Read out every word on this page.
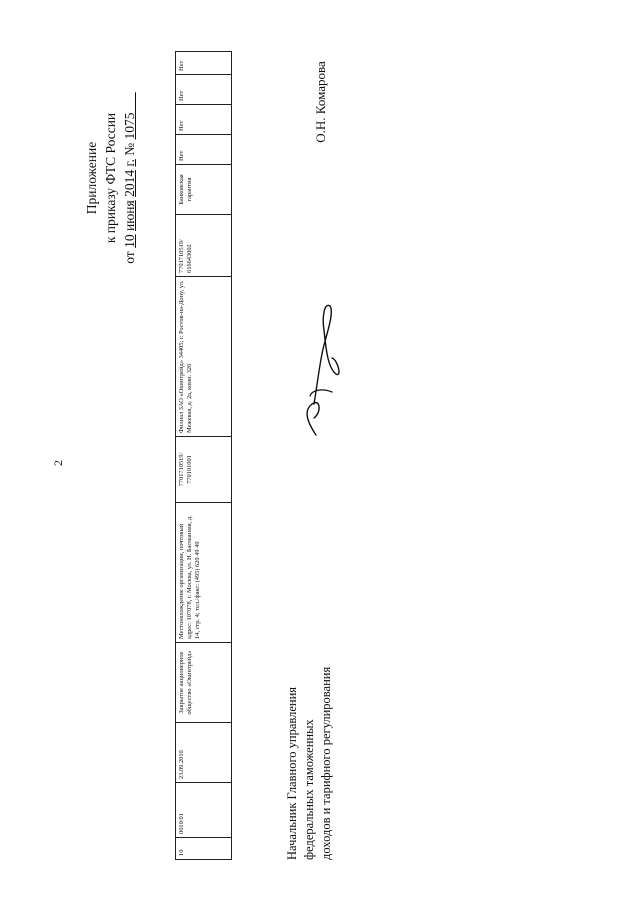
2
Приложение к приказу ФТС России
от 10 июня 2014 г. № 1075
10	0010/01	23.09.2010	Закрытое акционерное общество «Окинтрейд»	Местонахождение организации, почтовый адрес: 107078, г. Москва, ул. Н. Басманная, д. 14, стр. 4; тел./факс: (495) 620 49 49	7701710519/ 770101001	Филиал ЗАО «Окинтрейд» 34405; г. Ростов-на-Дону, ул. Межевая, д. 2а, комн. 326	7701710519/ 616643002	Банковская гарантия	Нет	Нет	Нет	Нет
Начальник Главного управления федеральных таможенных доходов и тарифного регулирования
О.Н. Комарова
